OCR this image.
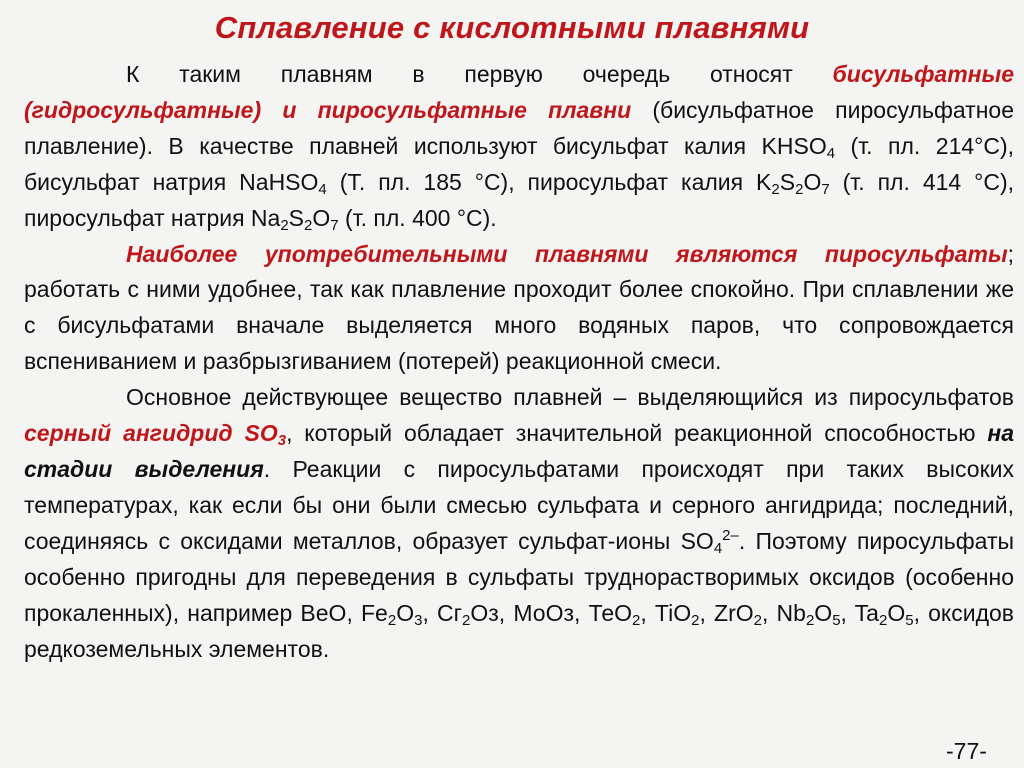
Сплавление с кислотными плавнями

К таким плавням в первую очередь относят бисульфатные (гидросульфатные) и пиросульфатные плавни (бисульфатное пиросульфатное плавление). В качестве плавней используют бисульфат калия $KHSO_4$ (т. пл. 214°С), бисульфат натрия NaHSO$_4$ (Т. пл. 185 °С), пиросульфат калия $K_2S_2O_7$ (т. пл. 414 °С), пиросульфат натрия $Na_2S_2O_7$ (т. пл. 400 °С).

Наиболее употребительными плавнями являются пиросульфаты; работать с ними удобнее, так как плавление проходит более спокойно. При сплавлении же с бисульфатами вначале выделяется много водяных паров, что сопровождается вспениванием и разбрызгиванием (потерей) реакционной смеси.

Основное действующее вещество плавней – выделяющийся из пиросульфатов серный ангидрид $SO_3$, который обладает значительной реакционной способностью на стадии выделения. Реакции с пиросульфатами происходят при таких высоких температурах, как если бы они были смесью сульфата и серного ангидрида; последний, соединяясь с оксидами металлов, образует сульфат-ионы $SO_4^{2-}$. Поэтому пиросульфаты особенно пригодны для переведения в сульфаты труднорастворимых оксидов (особенно прокаленных), например ВеО, $Fe_2O_3$, $Сг_2Оз$, МоОз, ТеО$_2$, TiO$_2$, ZrO$_2$, $Nb_2O_5$, $Ta_2O_5$, оксидов редкоземельных элементов.

-77-
